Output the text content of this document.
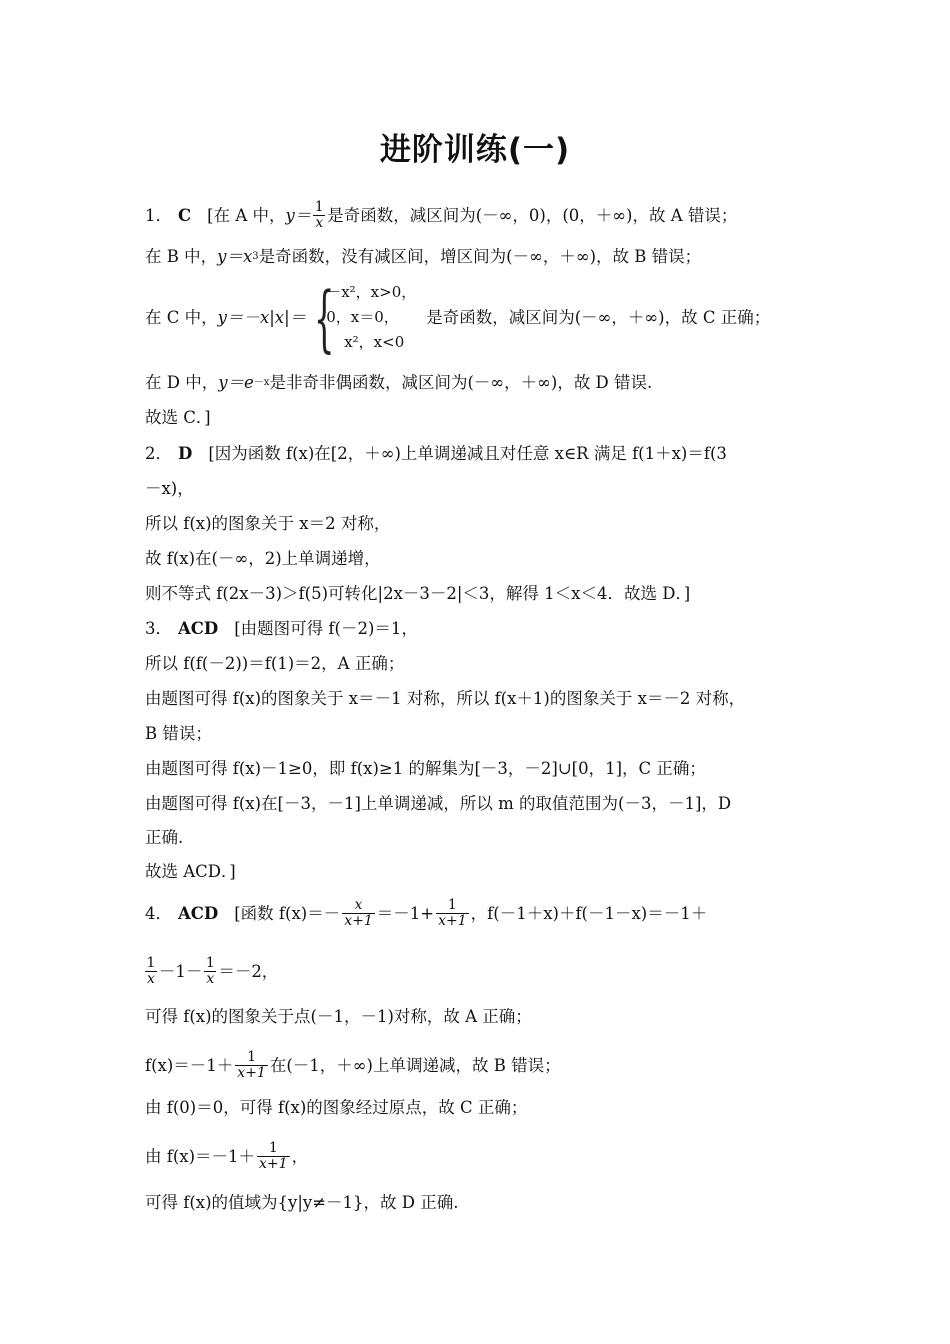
进阶训练(一)
1． C [在 A 中， $y= \frac{1}{x}$ 是奇函数，减区间为(－∞，0)，(0，＋∞)，故 A 错误；
在 B 中， y＝x 3 是奇函数，没有减区间，增区间为(－∞，＋∞)，故 B 错误；
在 C 中， y＝－x|x|＝ {
－x²，x>0，
0，x＝0，
x²，x<0
是奇函数，减区间为(－∞，＋∞)，故 C 正确；
在 D 中， y＝e －x 是非奇非偶函数，减区间为(－∞，＋∞)，故 D 错误.
故选 C．]
2． D [因为函数 f(x)在[2，＋∞)上单调递减且对任意 x∈R 满足 f(1＋x)＝f(3
－x)，
所以 f(x)的图象关于 x＝2 对称，
故 f(x)在(－∞，2)上单调递增，
则不等式 f(2x－3)＞f(5)可转化|2x－3－2|＜3，解得 1＜x＜4．故选 D．]
3． ACD [由题图可得 f(－2)＝1，
所以 f(f(－2))＝f(1)＝2，A 正确；
由题图可得 f(x)的图象关于 x＝－1 对称，所以 f(x＋1)的图象关于 x＝－2 对称，
B 错误；
由题图可得 f(x)－1≥0，即 f(x)≥1 的解集为[－3，－2]∪[0，1]，C 正确；
由题图可得 f(x)在[－3，－1]上单调递减，所以 m 的取值范围为(－3，－1]，D
正确.
故选 ACD．]
4． ACD [函数 $f(x)=- \frac{x}{x+1} =-1+ \frac{1}{x+1}$ ，f(－1＋x)＋f(－1－x)＝－1＋
$\frac{1}{x} -1- \frac{1}{x} =-2$，
可得 f(x)的图象关于点(－1，－1)对称，故 A 正确；
$f(x)=-1+ \frac{1}{x+1}$ 在(－1，＋∞)上单调递减，故 B 错误；
由 f(0)＝0，可得 f(x)的图象经过原点，故 C 正确；
由 $f(x)=-1+ \frac{1}{x+1}$ ，
可得 f(x)的值域为{y|y≠－1}，故 D 正确.
